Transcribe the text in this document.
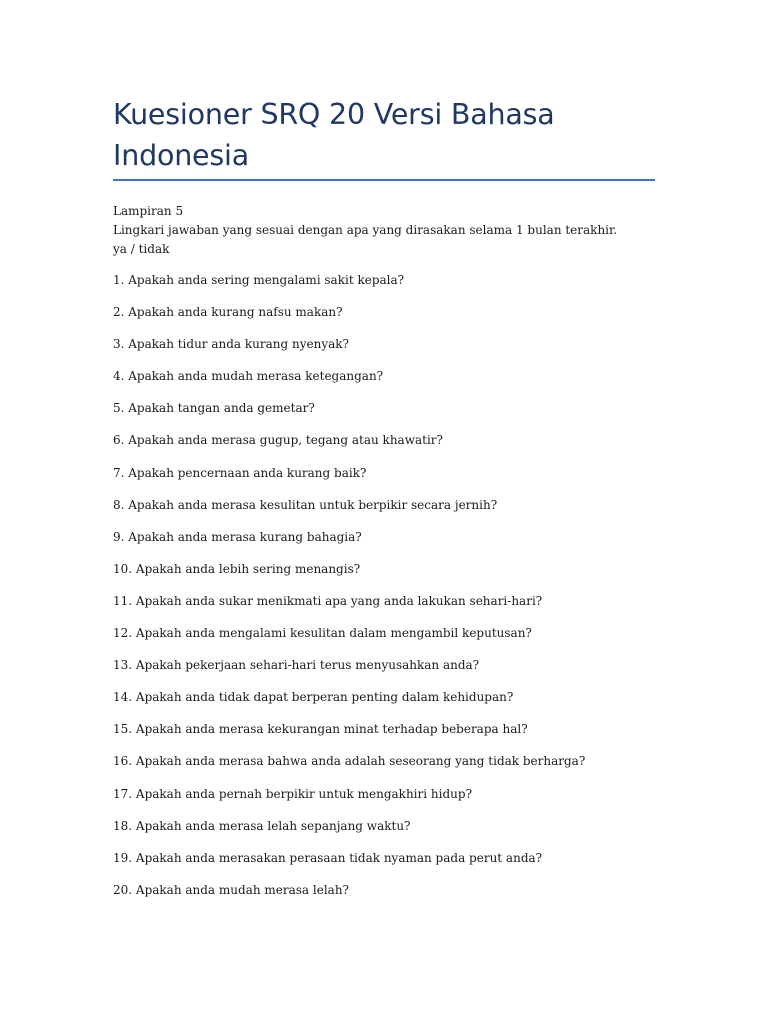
Kuesioner SRQ 20 Versi Bahasa Indonesia
Lampiran 5
Lingkari jawaban yang sesuai dengan apa yang dirasakan selama 1 bulan terakhir.
ya / tidak
1. Apakah anda sering mengalami sakit kepala?
2. Apakah anda kurang nafsu makan?
3. Apakah tidur anda kurang nyenyak?
4. Apakah anda mudah merasa ketegangan?
5. Apakah tangan anda gemetar?
6. Apakah anda merasa gugup, tegang atau khawatir?
7. Apakah pencernaan anda kurang baik?
8. Apakah anda merasa kesulitan untuk berpikir secara jernih?
9. Apakah anda merasa kurang bahagia?
10. Apakah anda lebih sering menangis?
11. Apakah anda sukar menikmati apa yang anda lakukan sehari-hari?
12. Apakah anda mengalami kesulitan dalam mengambil keputusan?
13. Apakah pekerjaan sehari-hari terus menyusahkan anda?
14. Apakah anda tidak dapat berperan penting dalam kehidupan?
15. Apakah anda merasa kekurangan minat terhadap beberapa hal?
16. Apakah anda merasa bahwa anda adalah seseorang yang tidak berharga?
17. Apakah anda pernah berpikir untuk mengakhiri hidup?
18. Apakah anda merasa lelah sepanjang waktu?
19. Apakah anda merasakan perasaan tidak nyaman pada perut anda?
20. Apakah anda mudah merasa lelah?
